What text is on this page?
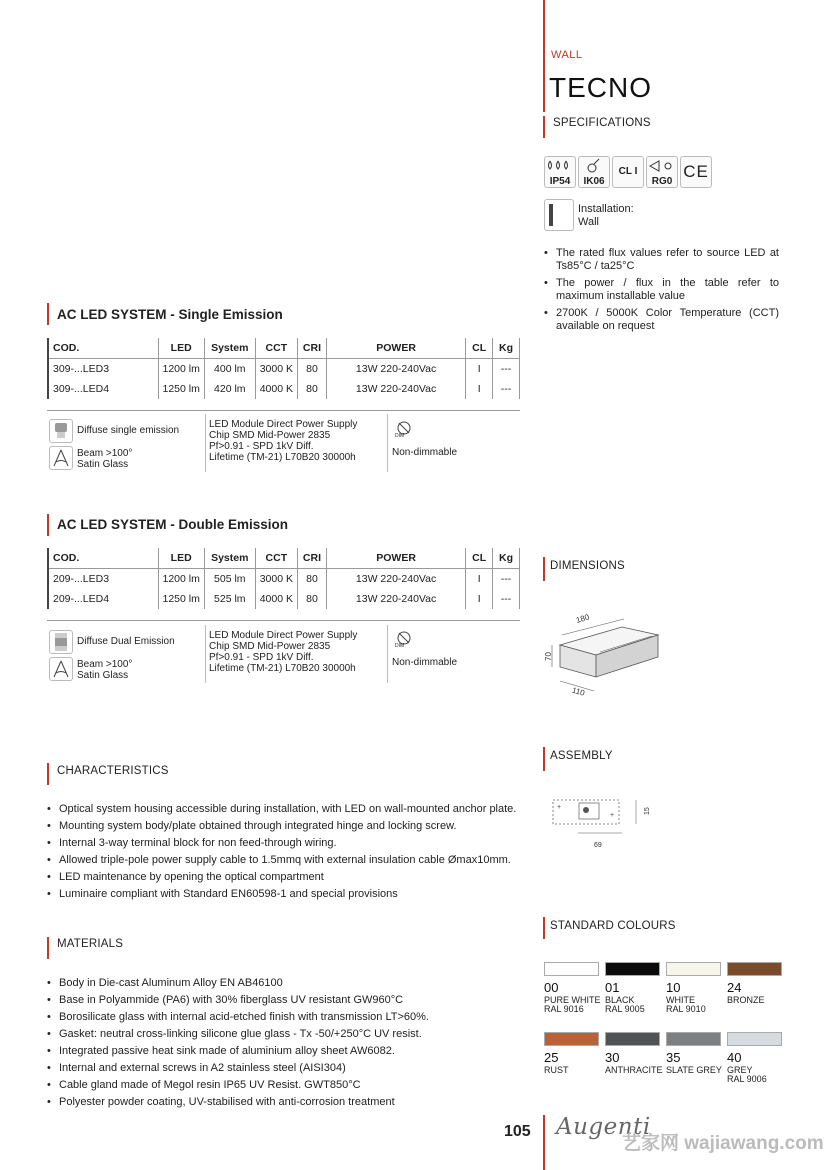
WALL
TECNO
SPECIFICATIONS
IP54	IK06
CL I
RG0
CE
Installation:
Wall
• The rated flux values refer to source LED at Ts85°C / ta25°C
• The power / flux in the table refer to maximum installable value
• 2700K / 5000K Color Temperature (CCT) available on request
AC LED SYSTEM - Single Emission
COD.	LED	System	CCT	CRI	POWER	CL	Kg
309-...LED3	1200 lm	400 lm	3000 K	80	13W 220-240Vac	I	---
309-...LED4	1250 lm	420 lm	4000 K	80	13W 220-240Vac	I	---
Diffuse single emission
Beam >100°
Satin Glass
LED Module Direct Power Supply
Chip SMD Mid-Power 2835
Pf>0.91 - SPD 1kV Diff.
Lifetime (TM-21) L70B20 30000h
DIM
Non-dimmable
AC LED SYSTEM - Double Emission
COD.	LED	System	CCT	CRI	POWER	CL	Kg
209-...LED3	1200 lm	505 lm	3000 K	80	13W 220-240Vac	I	---
209-...LED4	1250 lm	525 lm	4000 K	80	13W 220-240Vac	I	---
Diffuse Dual Emission
Beam >100°
Satin Glass
LED Module Direct Power Supply
Chip SMD Mid-Power 2835
Pf>0.91 - SPD 1kV Diff.
Lifetime (TM-21) L70B20 30000h
DIM
Non-dimmable
DIMENSIONS
180
70
110
ASSEMBLY
+
+
15
69
CHARACTERISTICS
• Optical system housing accessible during installation, with LED on wall-mounted anchor plate.
• Mounting system body/plate obtained through integrated hinge and locking screw.
• Internal 3-way terminal block for non feed-through wiring.
• Allowed triple-pole power supply cable to 1.5mmq with external insulation cable Ømax10mm.
• LED maintenance by opening the optical compartment
• Luminaire compliant with Standard EN60598-1 and special provisions
MATERIALS
• Body in Die-cast Aluminum Alloy EN AB46100
• Base in Polyammide (PA6) with 30% fiberglass UV resistant GW960°C
• Borosilicate glass with internal acid-etched finish with transmission LT>60%.
• Gasket: neutral cross-linking silicone glue glass - Tx -50/+250°C UV resist.
• Integrated passive heat sink made of aluminium alloy sheet AW6082.
• Internal and external screws in A2 stainless steel (AISI304)
• Cable gland made of Megol resin IP65 UV Resist. GWT850°C
• Polyester powder coating, UV-stabilised with anti-corrosion treatment
STANDARD COLOURS
00
PURE WHITE
RAL 9016
01
BLACK
RAL 9005
10
WHITE
RAL 9010
24
BRONZE
25
RUST
30
ANTHRACITE
35
SLATE GREY
40
GREY
RAL 9006
105 Augenti
艺家网 wajiawang.com
